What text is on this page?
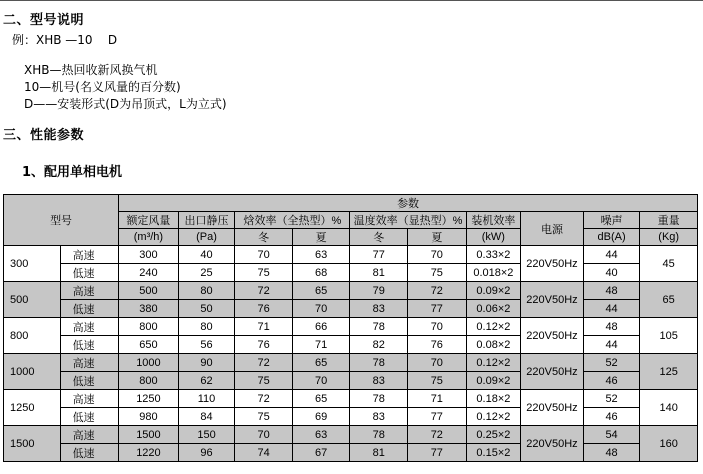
二、型号说明
例：XHB —10    D
XHB—热回收新风换气机
10—机号(名义风量的百分数)
D——安装形式(D为吊顶式，L为立式)
三、性能参数
1、配用单相电机
型号		参数									
		额定风量	出口静压	焓效率（全热型）%		温度效率（显热型）%		装机效率	电源	噪声	重量
		(m³/h)	(Pa)	冬	夏	冬	夏	(kW)		dB(A)	(Kg)
300	高速	300	40	70	63	77	70	0.33×2	220V50Hz	44	45
	低速	240	25	75	68	81	75	0.018×2		40	
500	高速	500	80	72	65	79	72	0.09×2	220V50Hz	48	65
	低速	380	50	76	70	83	77	0.06×2		44	
800	高速	800	80	71	66	78	70	0.12×2	220V50Hz	48	105
	低速	650	56	76	71	82	76	0.08×2		44	
1000	高速	1000	90	72	65	78	70	0.12×2	220V50Hz	52	125
	低速	800	62	75	70	83	75	0.09×2		46	
1250	高速	1250	110	72	65	78	71	0.18×2	220V50Hz	52	140
	低速	980	84	75	69	83	77	0.12×2		46	
1500	高速	1500	150	70	63	78	72	0.25×2	220V50Hz	54	160
	低速	1220	96	74	67	81	77	0.15×2		48	
